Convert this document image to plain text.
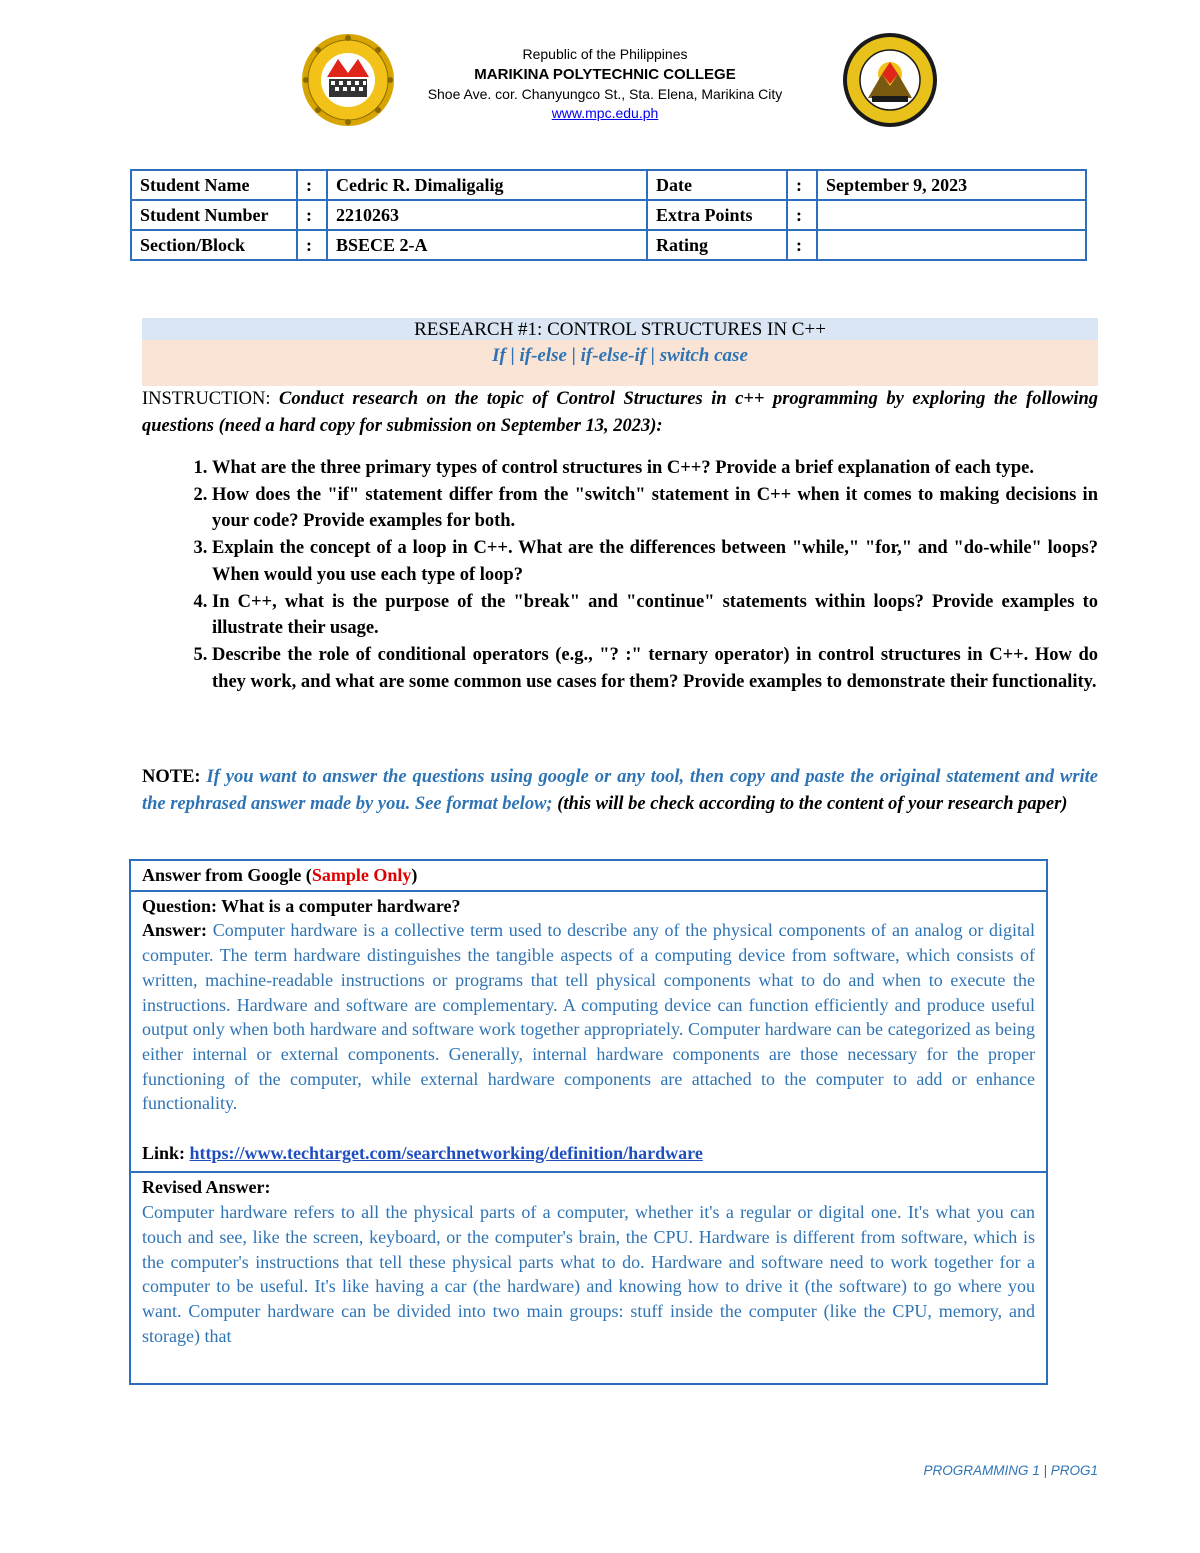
Republic of the Philippines
MARIKINA POLYTECHNIC COLLEGE
Shoe Ave. cor. Chanyungco St., Sta. Elena, Marikina City
www.mpc.edu.ph
Student Name	:	Cedric R. Dimaligalig	Date	:	September 9, 2023
Student Number	:	2210263	Extra Points	:	
Section/Block	:	BSECE 2-A	Rating	:	
RESEARCH #1: CONTROL STRUCTURES IN C++
If | if-else | if-else-if | switch case
INSTRUCTION: Conduct research on the topic of Control Structures in c++ programming by exploring the following questions (need a hard copy for submission on September 13, 2023):
1. What are the three primary types of control structures in C++? Provide a brief explanation of each type.
2. How does the "if" statement differ from the "switch" statement in C++ when it comes to making decisions in your code? Provide examples for both.
3. Explain the concept of a loop in C++. What are the differences between "while," "for," and "do-while" loops? When would you use each type of loop?
4. In C++, what is the purpose of the "break" and "continue" statements within loops? Provide examples to illustrate their usage.
5. Describe the role of conditional operators (e.g., "? :" ternary operator) in control structures in C++. How do they work, and what are some common use cases for them? Provide examples to demonstrate their functionality.
NOTE: If you want to answer the questions using google or any tool, then copy and paste the original statement and write the rephrased answer made by you. See format below; (this will be check according to the content of your research paper)
Answer from Google (Sample Only)
Question: What is a computer hardware?
Answer: Computer hardware is a collective term used to describe any of the physical components of an analog or digital computer. The term hardware distinguishes the tangible aspects of a computing device from software, which consists of written, machine-readable instructions or programs that tell physical components what to do and when to execute the instructions. Hardware and software are complementary. A computing device can function efficiently and produce useful output only when both hardware and software work together appropriately. Computer hardware can be categorized as being either internal or external components. Generally, internal hardware components are those necessary for the proper functioning of the computer, while external hardware components are attached to the computer to add or enhance functionality.
Link: https://www.techtarget.com/searchnetworking/definition/hardware
Revised Answer:
Computer hardware refers to all the physical parts of a computer, whether it's a regular or digital one. It's what you can touch and see, like the screen, keyboard, or the computer's brain, the CPU. Hardware is different from software, which is the computer's instructions that tell these physical parts what to do. Hardware and software need to work together for a computer to be useful. It's like having a car (the hardware) and knowing how to drive it (the software) to go where you want. Computer hardware can be divided into two main groups: stuff inside the computer (like the CPU, memory, and storage) that
PROGRAMMING 1 | PROG1
